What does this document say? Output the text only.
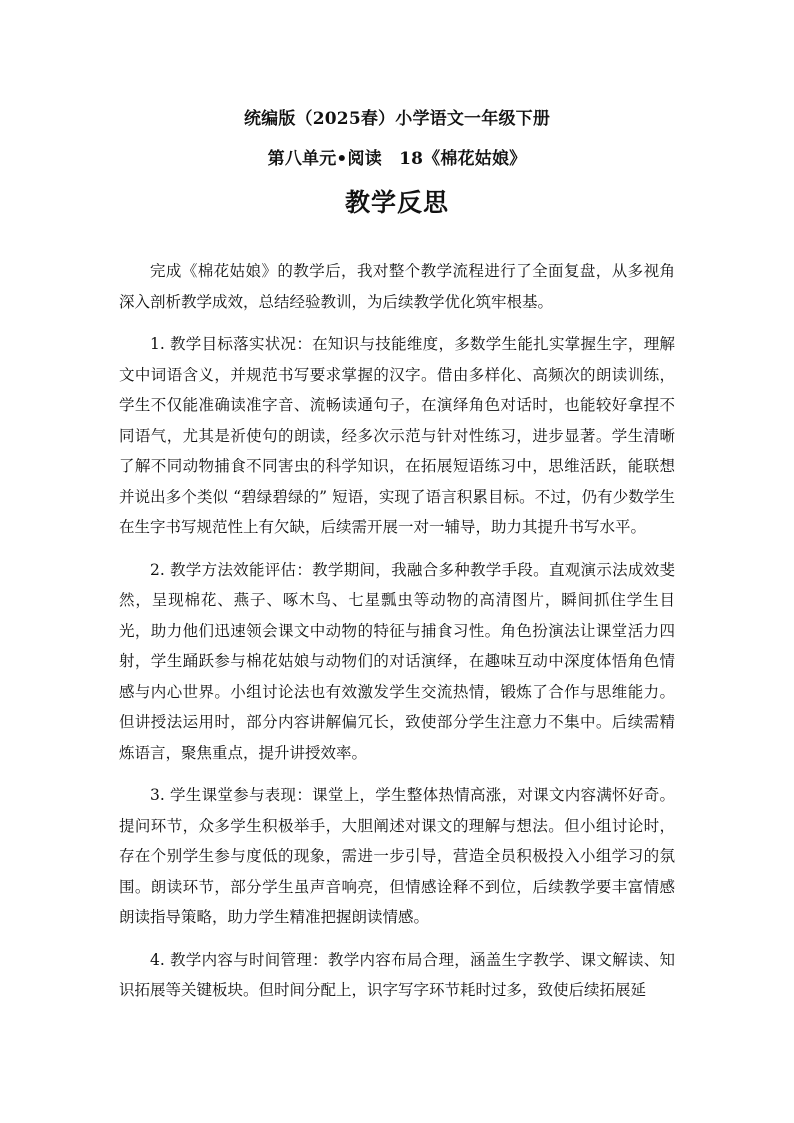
统编版（2025春）小学语文一年级下册
第八单元•阅读　18《棉花姑娘》
教学反思

完成《棉花姑娘》的教学后，我对整个教学流程进行了全面复盘，从多视角深入剖析教学成效，总结经验教训，为后续教学优化筑牢根基。

1. 教学目标落实状况：在知识与技能维度，多数学生能扎实掌握生字，理解文中词语含义，并规范书写要求掌握的汉字。借由多样化、高频次的朗读训练，学生不仅能准确读准字音、流畅读通句子，在演绎角色对话时，也能较好拿捏不同语气，尤其是祈使句的朗读，经多次示范与针对性练习，进步显著。学生清晰了解不同动物捕食不同害虫的科学知识，在拓展短语练习中，思维活跃，能联想并说出多个类似 “碧绿碧绿的” 短语，实现了语言积累目标。不过，仍有少数学生在生字书写规范性上有欠缺，后续需开展一对一辅导，助力其提升书写水平。

2. 教学方法效能评估：教学期间，我融合多种教学手段。直观演示法成效斐然，呈现棉花、燕子、啄木鸟、七星瓢虫等动物的高清图片，瞬间抓住学生目光，助力他们迅速领会课文中动物的特征与捕食习性。角色扮演法让课堂活力四射，学生踊跃参与棉花姑娘与动物们的对话演绎，在趣味互动中深度体悟角色情感与内心世界。小组讨论法也有效激发学生交流热情，锻炼了合作与思维能力。但讲授法运用时，部分内容讲解偏冗长，致使部分学生注意力不集中。后续需精炼语言，聚焦重点，提升讲授效率。

3. 学生课堂参与表现：课堂上，学生整体热情高涨，对课文内容满怀好奇。提问环节，众多学生积极举手，大胆阐述对课文的理解与想法。但小组讨论时，存在个别学生参与度低的现象，需进一步引导，营造全员积极投入小组学习的氛围。朗读环节，部分学生虽声音响亮，但情感诠释不到位，后续教学要丰富情感朗读指导策略，助力学生精准把握朗读情感。

4. 教学内容与时间管理：教学内容布局合理，涵盖生字教学、课文解读、知识拓展等关键板块。但时间分配上，识字写字环节耗时过多，致使后续拓展延
